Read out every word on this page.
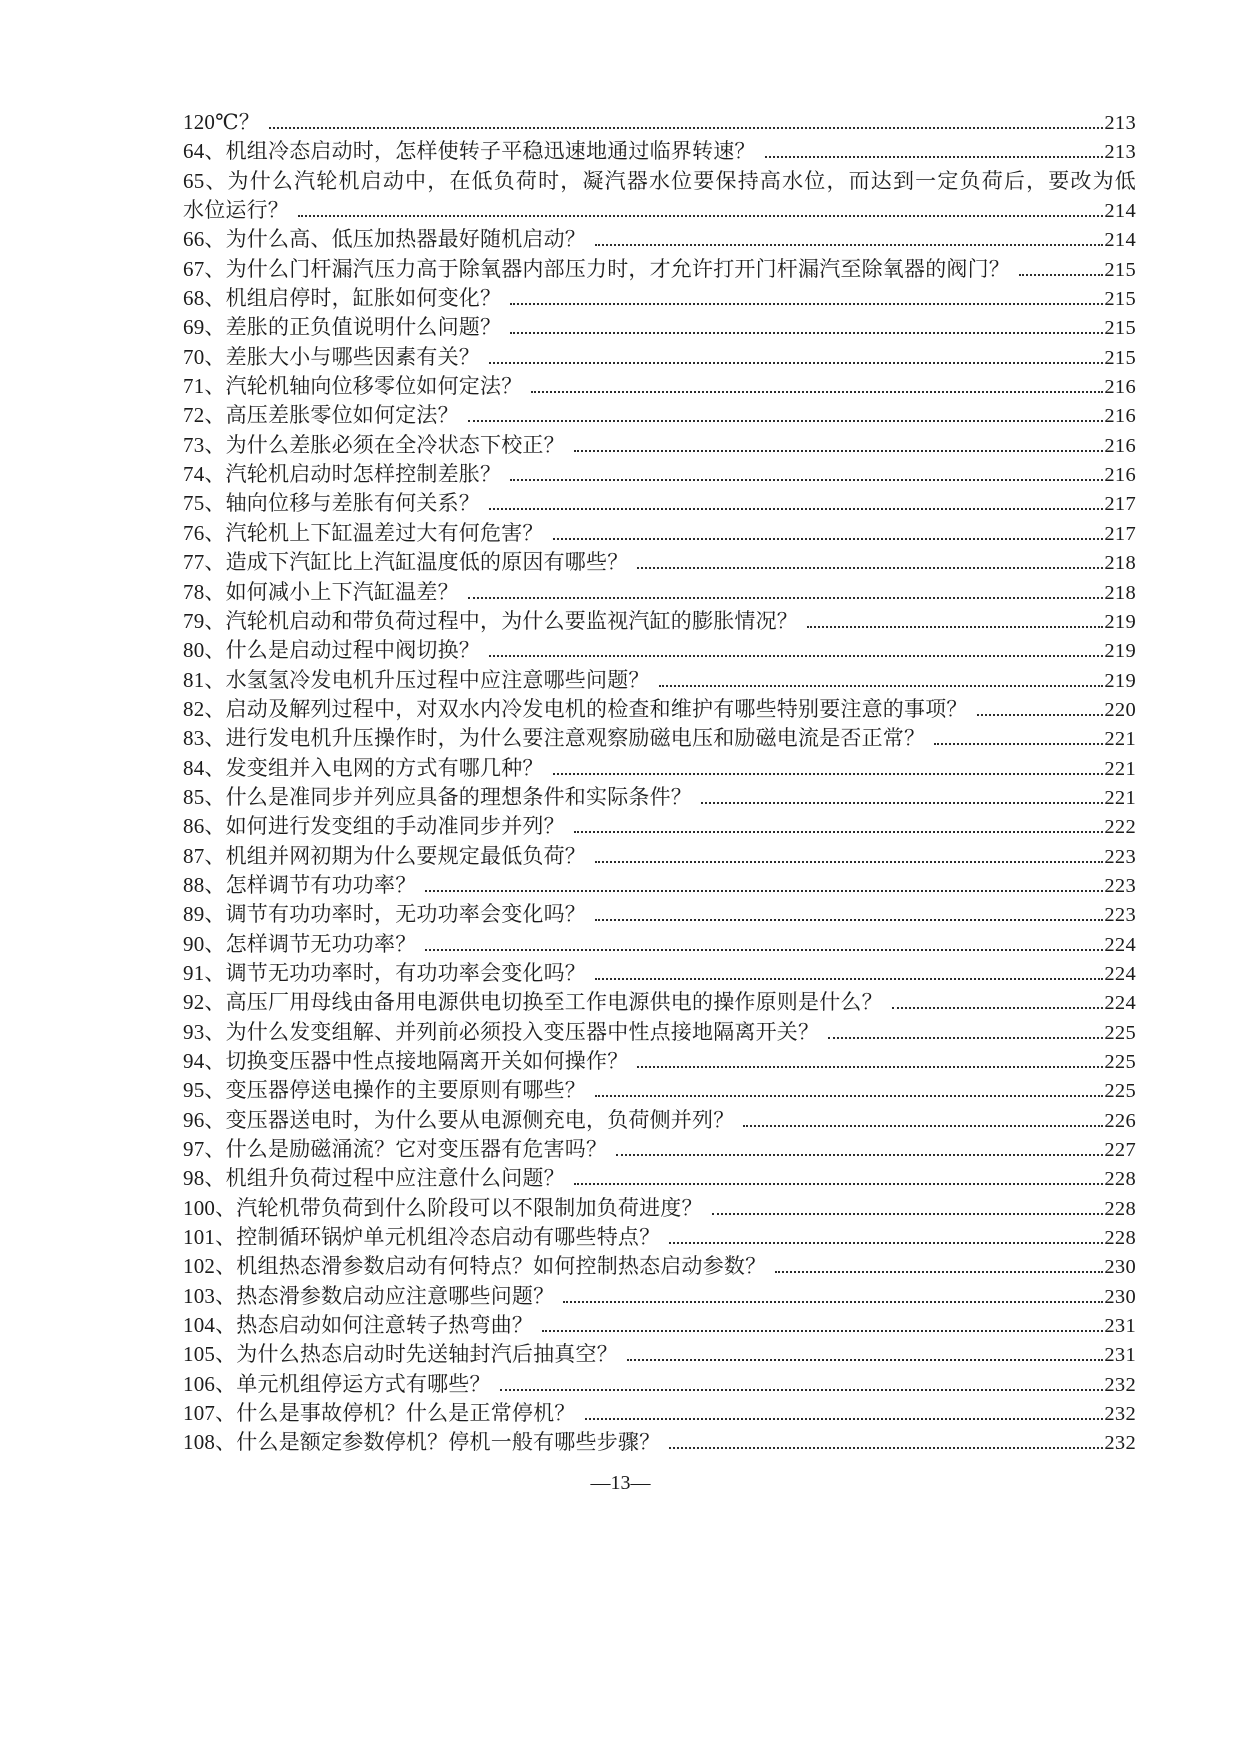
120℃？	213
64、机组冷态启动时，怎样使转子平稳迅速地通过临界转速？	213
65、为什么汽轮机启动中，在低负荷时，凝汽器水位要保持高水位，而达到一定负荷后，要改为低
水位运行？	214
66、为什么高、低压加热器最好随机启动？	214
67、为什么门杆漏汽压力高于除氧器内部压力时，才允许打开门杆漏汽至除氧器的阀门？	215
68、机组启停时，缸胀如何变化？	215
69、差胀的正负值说明什么问题？	215
70、差胀大小与哪些因素有关？	215
71、汽轮机轴向位移零位如何定法？	216
72、高压差胀零位如何定法？	216
73、为什么差胀必须在全冷状态下校正？	216
74、汽轮机启动时怎样控制差胀？	216
75、轴向位移与差胀有何关系？	217
76、汽轮机上下缸温差过大有何危害？	217
77、造成下汽缸比上汽缸温度低的原因有哪些？	218
78、如何减小上下汽缸温差？	218
79、汽轮机启动和带负荷过程中，为什么要监视汽缸的膨胀情况？	219
80、什么是启动过程中阀切换？	219
81、水氢氢冷发电机升压过程中应注意哪些问题？	219
82、启动及解列过程中，对双水内冷发电机的检查和维护有哪些特别要注意的事项？	220
83、进行发电机升压操作时，为什么要注意观察励磁电压和励磁电流是否正常？	221
84、发变组并入电网的方式有哪几种？	221
85、什么是准同步并列应具备的理想条件和实际条件？	221
86、如何进行发变组的手动准同步并列？	222
87、机组并网初期为什么要规定最低负荷？	223
88、怎样调节有功功率？	223
89、调节有功功率时，无功功率会变化吗？	223
90、怎样调节无功功率？	224
91、调节无功功率时，有功功率会变化吗？	224
92、高压厂用母线由备用电源供电切换至工作电源供电的操作原则是什么？	224
93、为什么发变组解、并列前必须投入变压器中性点接地隔离开关？	225
94、切换变压器中性点接地隔离开关如何操作？	225
95、变压器停送电操作的主要原则有哪些？	225
96、变压器送电时，为什么要从电源侧充电，负荷侧并列？	226
97、什么是励磁涌流？它对变压器有危害吗？	227
98、机组升负荷过程中应注意什么问题？	228
100、汽轮机带负荷到什么阶段可以不限制加负荷进度？	228
101、控制循环锅炉单元机组冷态启动有哪些特点？	228
102、机组热态滑参数启动有何特点？如何控制热态启动参数？	230
103、热态滑参数启动应注意哪些问题？	230
104、热态启动如何注意转子热弯曲？	231
105、为什么热态启动时先送轴封汽后抽真空？	231
106、单元机组停运方式有哪些？	232
107、什么是事故停机？什么是正常停机？	232
108、什么是额定参数停机？停机一般有哪些步骤？	232
—13—
